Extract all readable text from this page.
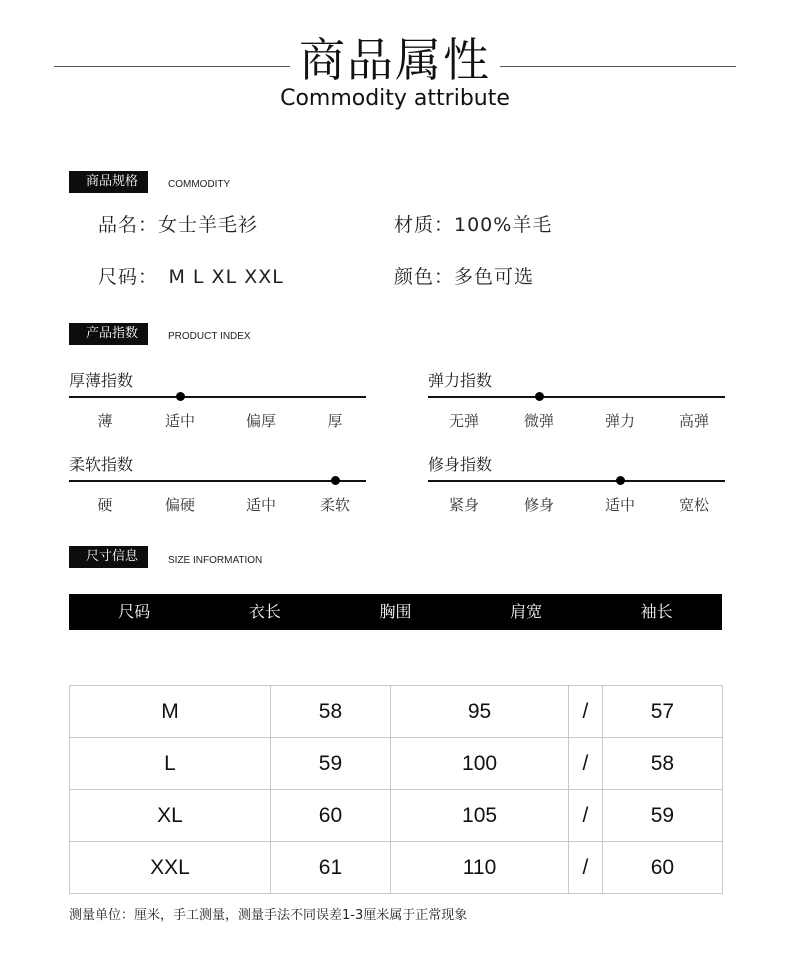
商品属性
Commodity attribute
商品规格	COMMODITY
品名：女士羊毛衫	材质：100%羊毛
尺码：　M L XL XXL	颜色：多色可选
产品指数	PRODUCT INDEX
厚薄指数
薄	适中	偏厚	厚
弹力指数
无弹	微弹	弹力	高弹
柔软指数
硬	偏硬	适中	柔软
修身指数
紧身	修身	适中	宽松
尺寸信息	SIZE INFORMATION
尺码	衣长	胸围	肩宽	袖长
M	58	95	/	57
L	59	100	/	58
XL	60	105	/	59
XXL	61	110	/	60
测量单位：厘米，手工测量，测量手法不同误差1-3厘米属于正常现象
